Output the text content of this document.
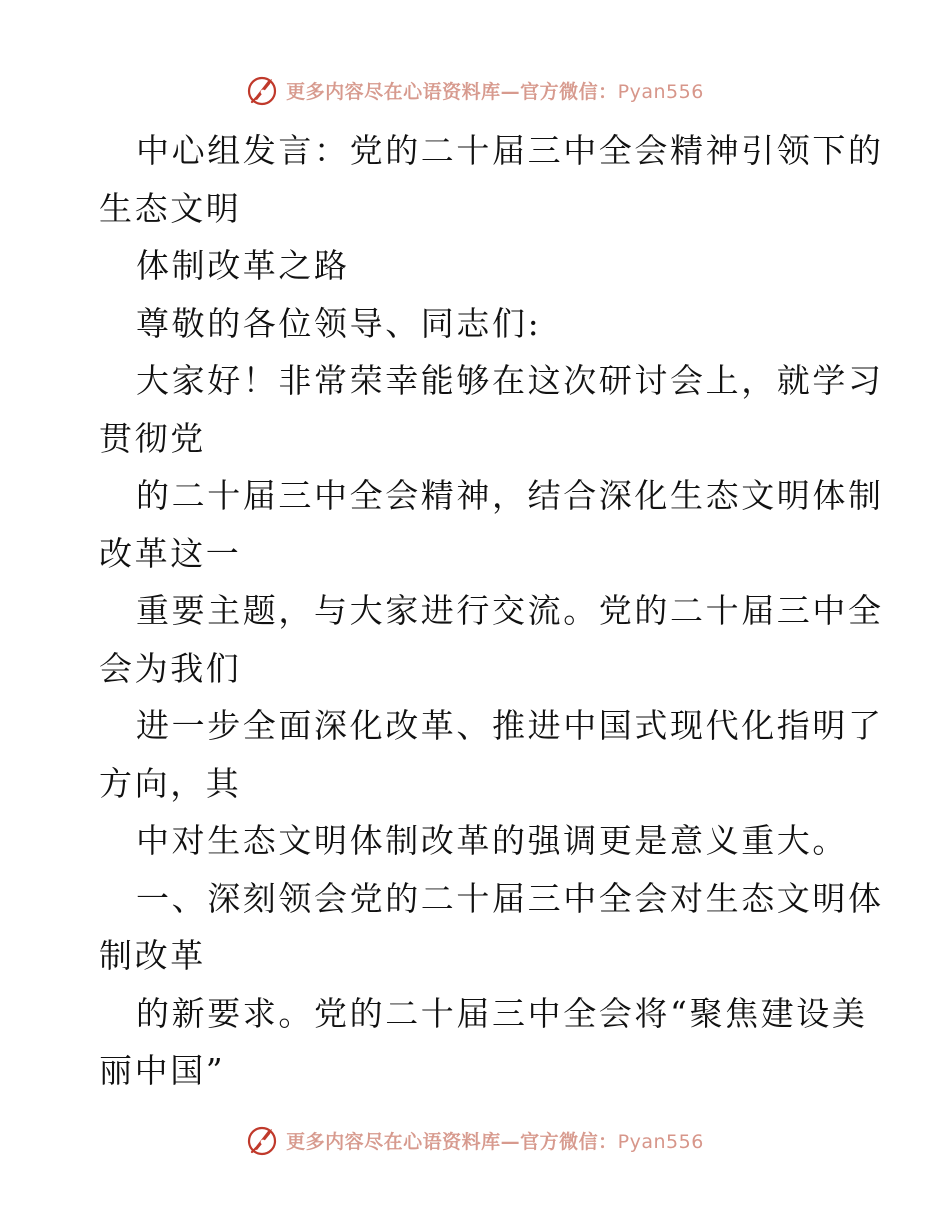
更多内容尽在心语资料库—官方微信：Pyan556
中心组发言：党的二十届三中全会精神引领下的
生态文明
体制改革之路
尊敬的各位领导、同志们:
大家好！非常荣幸能够在这次研讨会上，就学习
贯彻党
的二十届三中全会精神，结合深化生态文明体制
改革这一
重要主题，与大家进行交流。党的二十届三中全
会为我们
进一步全面深化改革、推进中国式现代化指明了
方向，其
中对生态文明体制改革的强调更是意义重大。
一、深刻领会党的二十届三中全会对生态文明体
制改革
的新要求。党的二十届三中全会将“聚焦建设美
丽中国”
更多内容尽在心语资料库—官方微信：Pyan556
